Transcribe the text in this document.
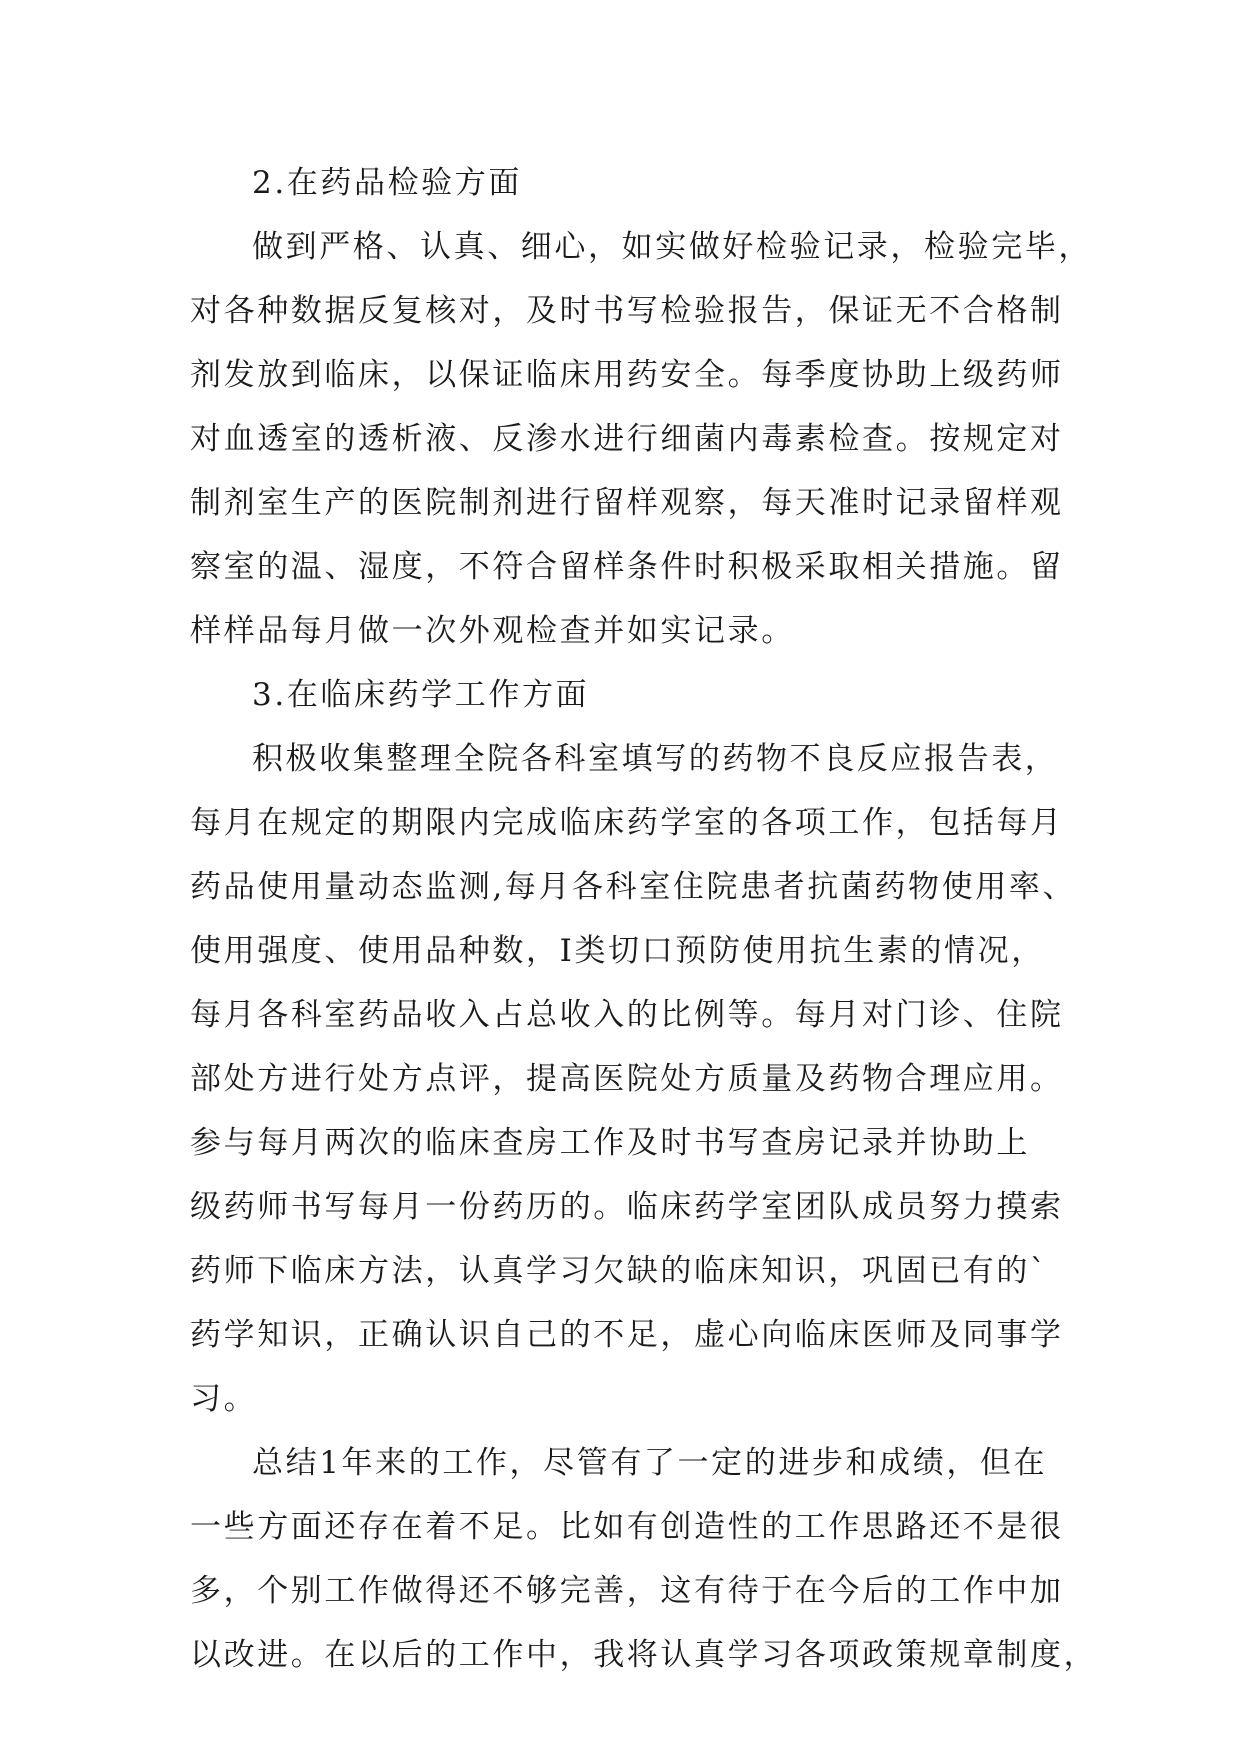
2.在药品检验方面
做到严格、认真、细心，如实做好检验记录，检验完毕，
对各种数据反复核对，及时书写检验报告，保证无不合格制
剂发放到临床，以保证临床用药安全。每季度协助上级药师
对血透室的透析液、反渗水进行细菌内毒素检查。按规定对
制剂室生产的医院制剂进行留样观察，每天准时记录留样观
察室的温、湿度，不符合留样条件时积极采取相关措施。留
样样品每月做一次外观检查并如实记录。
3.在临床药学工作方面
积极收集整理全院各科室填写的药物不良反应报告表，
每月在规定的期限内完成临床药学室的各项工作，包括每月
药品使用量动态监测,每月各科室住院患者抗菌药物使用率、
使用强度、使用品种数，Ⅰ类切口预防使用抗生素的情况，
每月各科室药品收入占总收入的比例等。每月对门诊、住院
部处方进行处方点评，提高医院处方质量及药物合理应用。
参与每月两次的临床查房工作及时书写查房记录并协助上
级药师书写每月一份药历的。临床药学室团队成员努力摸索
药师下临床方法，认真学习欠缺的临床知识，巩固已有的`
药学知识，正确认识自己的不足，虚心向临床医师及同事学
习。
总结1年来的工作，尽管有了一定的进步和成绩，但在
一些方面还存在着不足。比如有创造性的工作思路还不是很
多，个别工作做得还不够完善，这有待于在今后的工作中加
以改进。在以后的工作中，我将认真学习各项政策规章制度，
